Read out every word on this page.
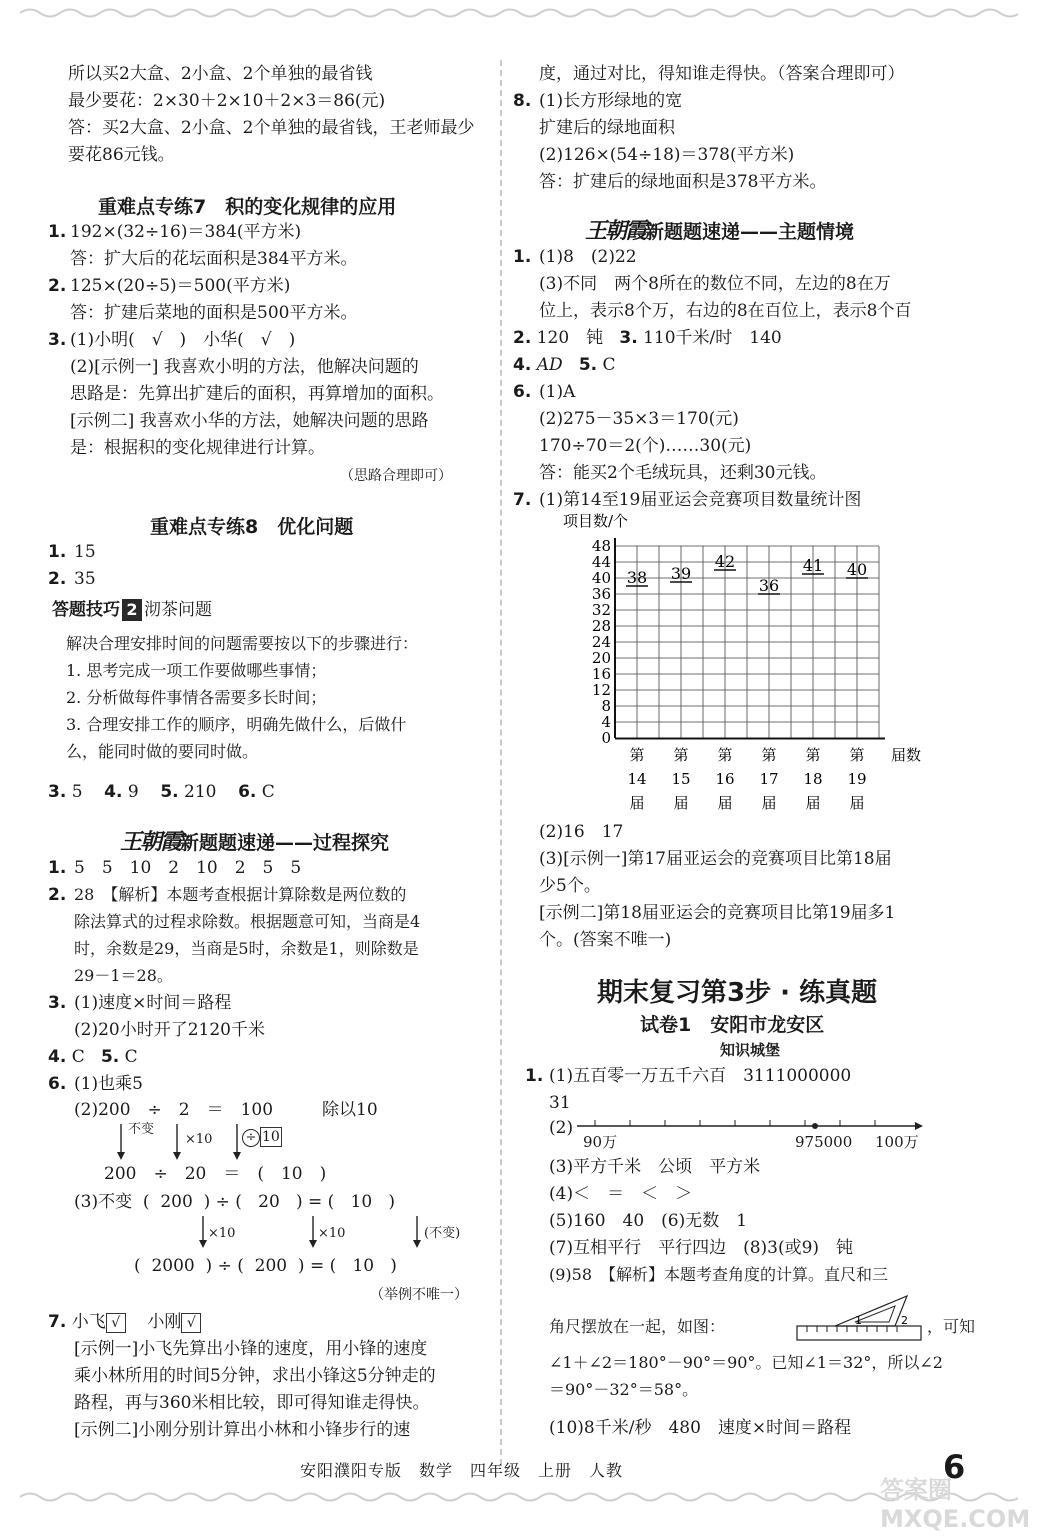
所以买2大盒、2小盒、2个单独的最省钱
最少要花：2×30＋2×10＋2×3＝86(元)
答：买2大盒、2小盒、2个单独的最省钱，王老师最少
要花86元钱。
重难点专练7　积的变化规律的应用
1. 192×(32÷16)＝384(平方米)
答：扩大后的花坛面积是384平方米。
2. 125×(20÷5)＝500(平方米)
答：扩建后菜地的面积是500平方米。
3. (1)小明(　√　)　小华(　√　)
(2)[示例一] 我喜欢小明的方法，他解决问题的
思路是：先算出扩建后的面积，再算增加的面积。
[示例二] 我喜欢小华的方法，她解决问题的思路
是：根据积的变化规律进行计算。
（思路合理即可）
重难点专练8　优化问题
1. 15
2. 35
答题技巧 2 沏茶问题
解决合理安排时间的问题需要按以下的步骤进行：
1. 思考完成一项工作要做哪些事情；
2. 分析做每件事情各需要多长时间；
3. 合理安排工作的顺序，明确先做什么，后做什
么，能同时做的要同时做。
3. 5 4. 9 5. 210 6. C
王朝霞新题题速递——过程探究
1. 5　5　10　2　10　2　5　5
2. 28　【解析】本题考查根据计算除数是两位数的
除法算式的过程求除数。根据题意可知，当商是4
时，余数是29，当商是5时，余数是1，则除数是
29－1＝28。
3. (1)速度×时间＝路程
(2)20小时开了2120千米
4. C 5. C
6. (1)也乘5
(2)200　÷　2　＝　100	除以10
不变
×10	÷ 10
200　÷　20　＝　(　10　)
(3)不变  (  200  ) ÷ (   20   ) = (   10   )
×10	×10	(不变)
(  2000  ) ÷ (  200  ) = (   10   )
（举例不唯一）
7. 小飞 √ 小刚 √
[示例一]小飞先算出小锋的速度，用小锋的速度
乘小林所用的时间5分钟，求出小锋这5分钟走的
路程，再与360米相比较，即可得知谁走得快。
[示例二]小刚分别计算出小林和小锋步行的速
度，通过对比，得知谁走得快。（答案合理即可）
8. (1)长方形绿地的宽
扩建后的绿地面积
(2)126×(54÷18)＝378(平方米)
答：扩建后的绿地面积是378平方米。
王朝霞新题题速递——主题情境
1. (1)8　(2)22
(3)不同　两个8所在的数位不同，左边的8在万
位上，表示8个万，右边的8在百位上，表示8个百
2. 120　钝 3. 110千米/时　140
4. AD 5. C
6. (1)A
(2)275－35×3＝170(元)
170÷70＝2(个)……30(元)
答：能买2个毛绒玩具，还剩30元钱。
7. (1)第14至19届亚运会竞赛项目数量统计图
项目数/个
0
4
8
12
16
20
24
28
32
36
40
44
48
届数
38
第
14
届
39
第
15
届
42
第
16
届
36
第
17
届
41
第
18
届
40
第
19
届
(2)16　17
(3)[示例一]第17届亚运会的竞赛项目比第18届
少5个。
[示例二]第18届亚运会的竞赛项目比第19届多1
个。(答案不唯一)
期末复习第3步 · 练真题
试卷1　安阳市龙安区
知识城堡
1. (1)五百零一万五千六百　3111000000
31
(2)
90万	975000 100万
(3)平方千米　公顷　平方米
(4)＜　＝　＜　＞
(5)160　40　(6)无数　1
(7)互相平行　平行四边　(8)3(或9)　钝
(9)58　【解析】本题考查角度的计算。直尺和三
角尺摆放在一起，如图：	1	2 ，可知
∠1＋∠2＝180°－90°＝90°。已知∠1＝32°，所以∠2
＝90°－32°＝58°。
(10)8千米/秒　480　速度×时间＝路程
安阳濮阳专版　数学　四年级　上册　人教	6
答案圈 MXQE.COM
